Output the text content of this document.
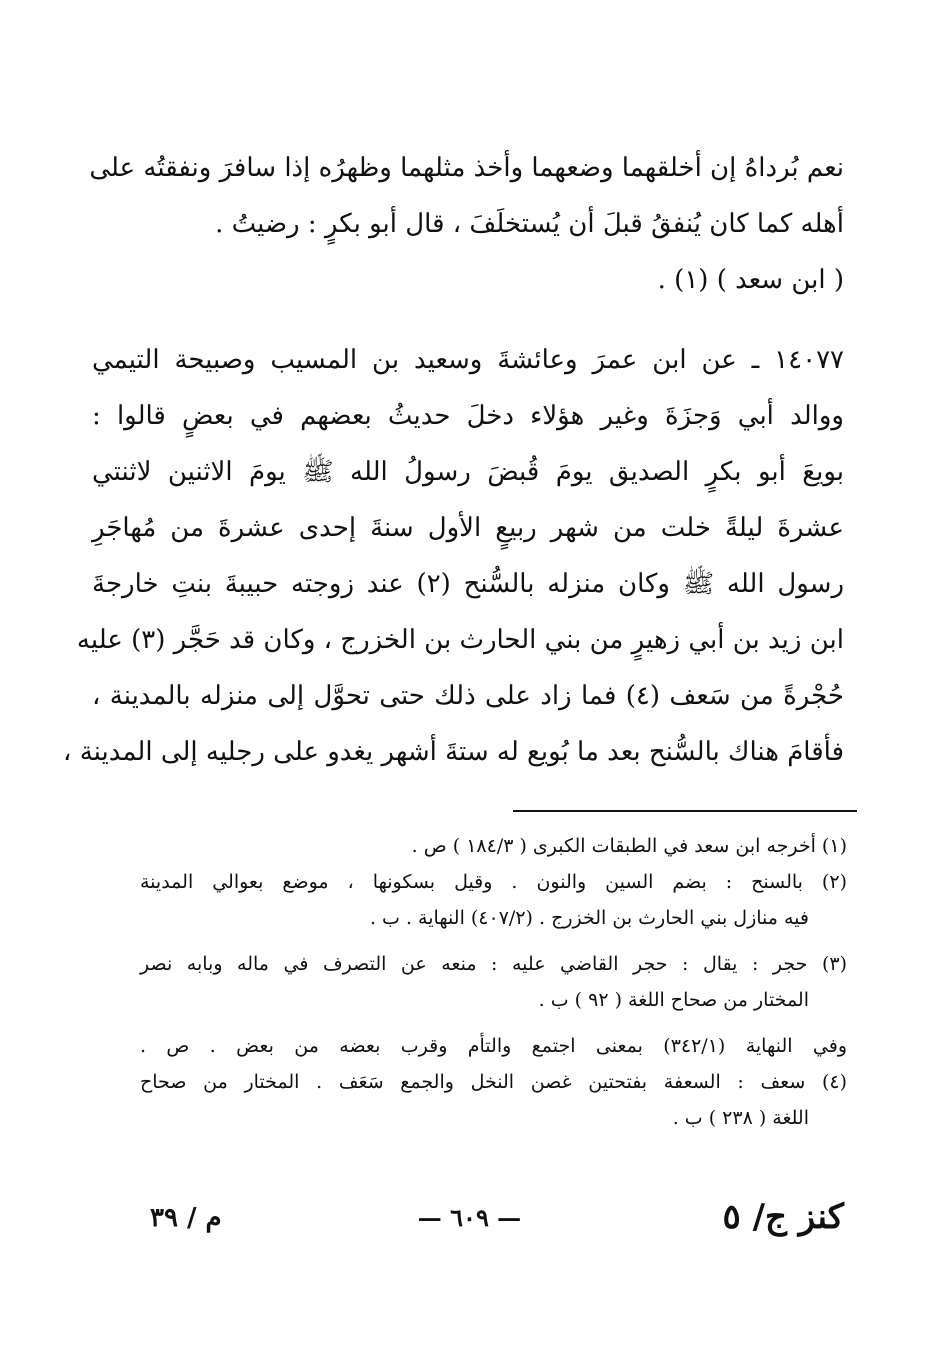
نعم بُرداهُ إن أخلقهما وضعهما وأخذ مثلهما وظهرُه إذا سافرَ ونفقتُه على
أهله كما كان يُنفقُ قبلَ أن يُستخلَفَ ، قال أبو بكرٍ : رضيتُ .
( ابن سعد ) (١) .
١٤٠٧٧ ـ عن ابن عمرَ وعائشةَ وسعيد بن المسيب وصبيحة التيمي
ووالد أبي وَجزَةَ وغير هؤلاء دخلَ حديثُ بعضهم في بعضٍ قالوا :
بويعَ أبو بكرٍ الصديق يومَ قُبضَ رسولُ الله ﷺ يومَ الاثنين لاثنتي
عشرةَ ليلةً خلت من شهر ربيعٍ الأول سنةَ إحدى عشرةَ من مُهاجَرِ
رسول الله ﷺ وكان منزله بالسُّنح (٢) عند زوجته حبيبةَ بنتِ خارجةَ
ابن زيد بن أبي زهيرٍ من بني الحارث بن الخزرج ، وكان قد حَجَّر (٣) عليه
حُجْرةً من سَعف (٤) فما زاد على ذلك حتى تحوَّل إلى منزله بالمدينة ،
فأقامَ هناك بالسُّنح بعد ما بُويع له ستةَ أشهر يغدو على رجليه إلى المدينة ،
(١) أخرجه ابن سعد في الطبقات الكبرى ( ١٨٤/٣ ) ص .
(٢) بالسنح : بضم السين والنون . وقيل بسكونها ، موضع بعوالي المدينة
فيه منازل بني الحارث بن الخزرج . (٤٠٧/٢) النهاية . ب .
(٣) حجر : يقال : حجر القاضي عليه : منعه عن التصرف في ماله وبابه نصر
المختار من صحاح اللغة ( ٩٢ ) ب .
وفي النهاية (٣٤٢/١) بمعنى اجتمع والتأم وقرب بعضه من بعض . ص .
(٤) سعف : السعفة بفتحتين غصن النخل والجمع سَعَف . المختار من صحاح
اللغة ( ٢٣٨ ) ب .
م / ٣٩	— ٦٠٩ —	كنز ج/ ٥
